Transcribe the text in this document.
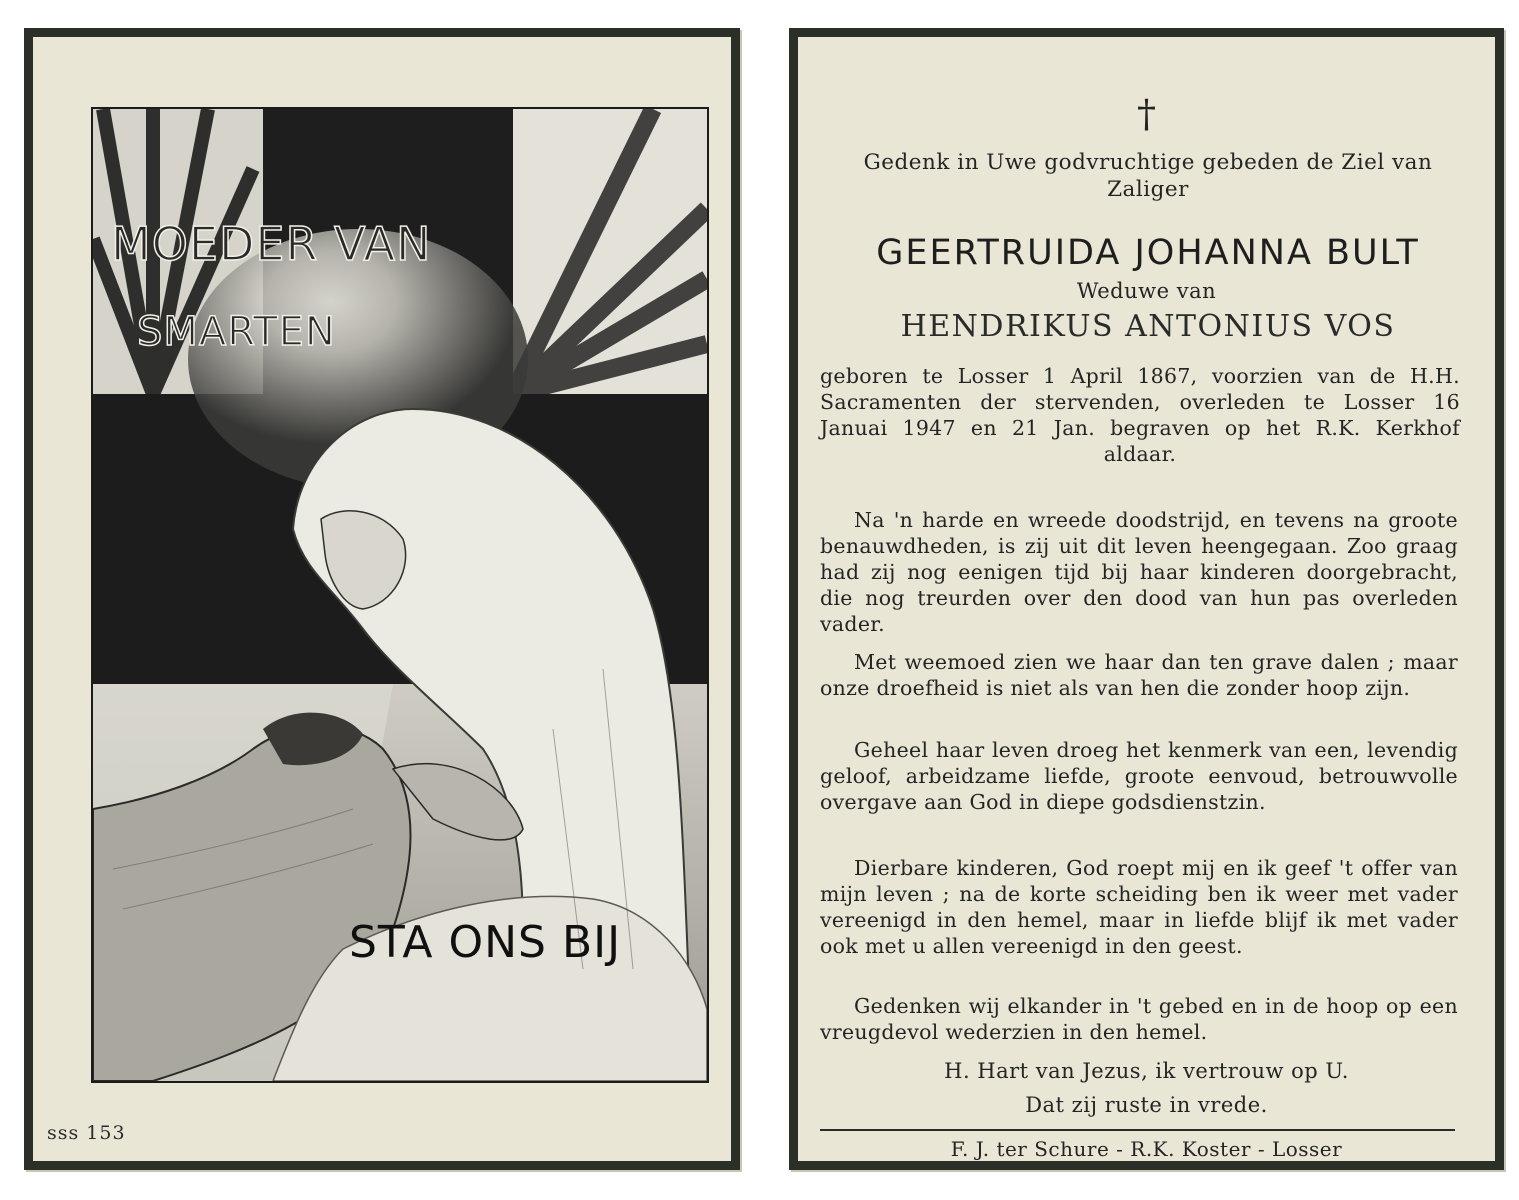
MOEDER VAN
SMARTEN
STA ONS BIJ
sss 153
†
Gedenk in Uwe godvruchtige gebeden de Ziel van Zaliger
GEERTRUIDA JOHANNA BULT
Weduwe van
HENDRIKUS ANTONIUS VOS
geboren te Losser 1 April 1867, voorzien van de H.H. Sacramenten der stervenden, overleden te Losser 16 Januai 1947 en 21 Jan. begraven op het R.K. Kerkhof aldaar.
Na 'n harde en wreede doodstrijd, en tevens na groote benauwdheden, is zij uit dit leven heengegaan. Zoo graag had zij nog eenigen tijd bij haar kinderen doorgebracht, die nog treurden over den dood van hun pas overleden vader.
Met weemoed zien we haar dan ten grave dalen ; maar onze droefheid is niet als van hen die zonder hoop zijn.
Geheel haar leven droeg het kenmerk van een, levendig geloof, arbeidzame liefde, groote eenvoud, betrouwvolle overgave aan God in diepe godsdienstzin.
Dierbare kinderen, God roept mij en ik geef 't offer van mijn leven ; na de korte scheiding ben ik weer met vader vereenigd in den hemel, maar in liefde blijf ik met vader ook met u allen vereenigd in den geest.
Gedenken wij elkander in 't gebed en in de hoop op een vreugdevol wederzien in den hemel.
H. Hart van Jezus, ik vertrouw op U.
Dat zij ruste in vrede.
F. J. ter Schure - R.K. Koster - Losser
